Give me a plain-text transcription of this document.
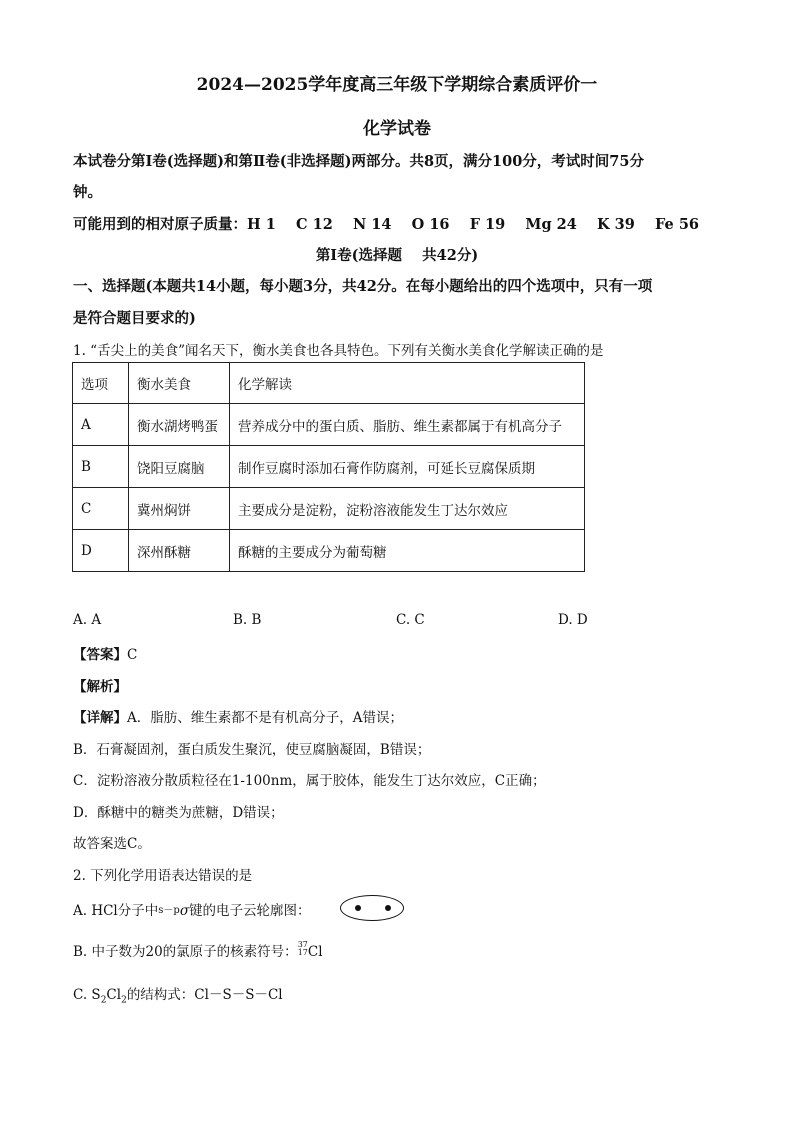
2024—2025学年度高三年级下学期综合素质评价一
化学试卷
本试卷分第Ⅰ卷(选择题)和第Ⅱ卷(非选择题)两部分。共8页，满分100分，考试时间75分
钟。
可能用到的相对原子质量：H 1    C 12    N 14    O 16    F 19    Mg 24    K 39    Fe 56
第Ⅰ卷(选择题    共42分)
一、选择题(本题共14小题，每小题3分，共42分。在每小题给出的四个选项中，只有一项
是符合题目要求的)
1. “舌尖上的美食”闻名天下，衡水美食也各具特色。下列有关衡水美食化学解读正确的是
选项	衡水美食	化学解读
A	衡水湖烤鸭蛋	营养成分中的蛋白质、脂肪、维生素都属于有机高分子
B	饶阳豆腐脑	制作豆腐时添加石膏作防腐剂，可延长豆腐保质期
C	冀州焖饼	主要成分是淀粉，淀粉溶液能发生丁达尔效应
D	深州酥糖	酥糖的主要成分为葡萄糖
A. A	B. B	C. C	D. D
【答案】C
【解析】
【详解】A．脂肪、维生素都不是有机高分子，A错误；
B．石膏凝固剂，蛋白质发生聚沉，使豆腐脑凝固，B错误；
C．淀粉溶液分散质粒径在1-100nm，属于胶体，能发生丁达尔效应，C正确；
D．酥糖中的糖类为蔗糖，D错误；
故答案选C。
2. 下列化学用语表达错误的是
A. HCl分子中s－pσ键的电子云轮廓图：
B. 中子数为20的氯原子的核素符号： 37
17 Cl
C. $S_2Cl_2$的结构式：Cl－S－S－Cl
